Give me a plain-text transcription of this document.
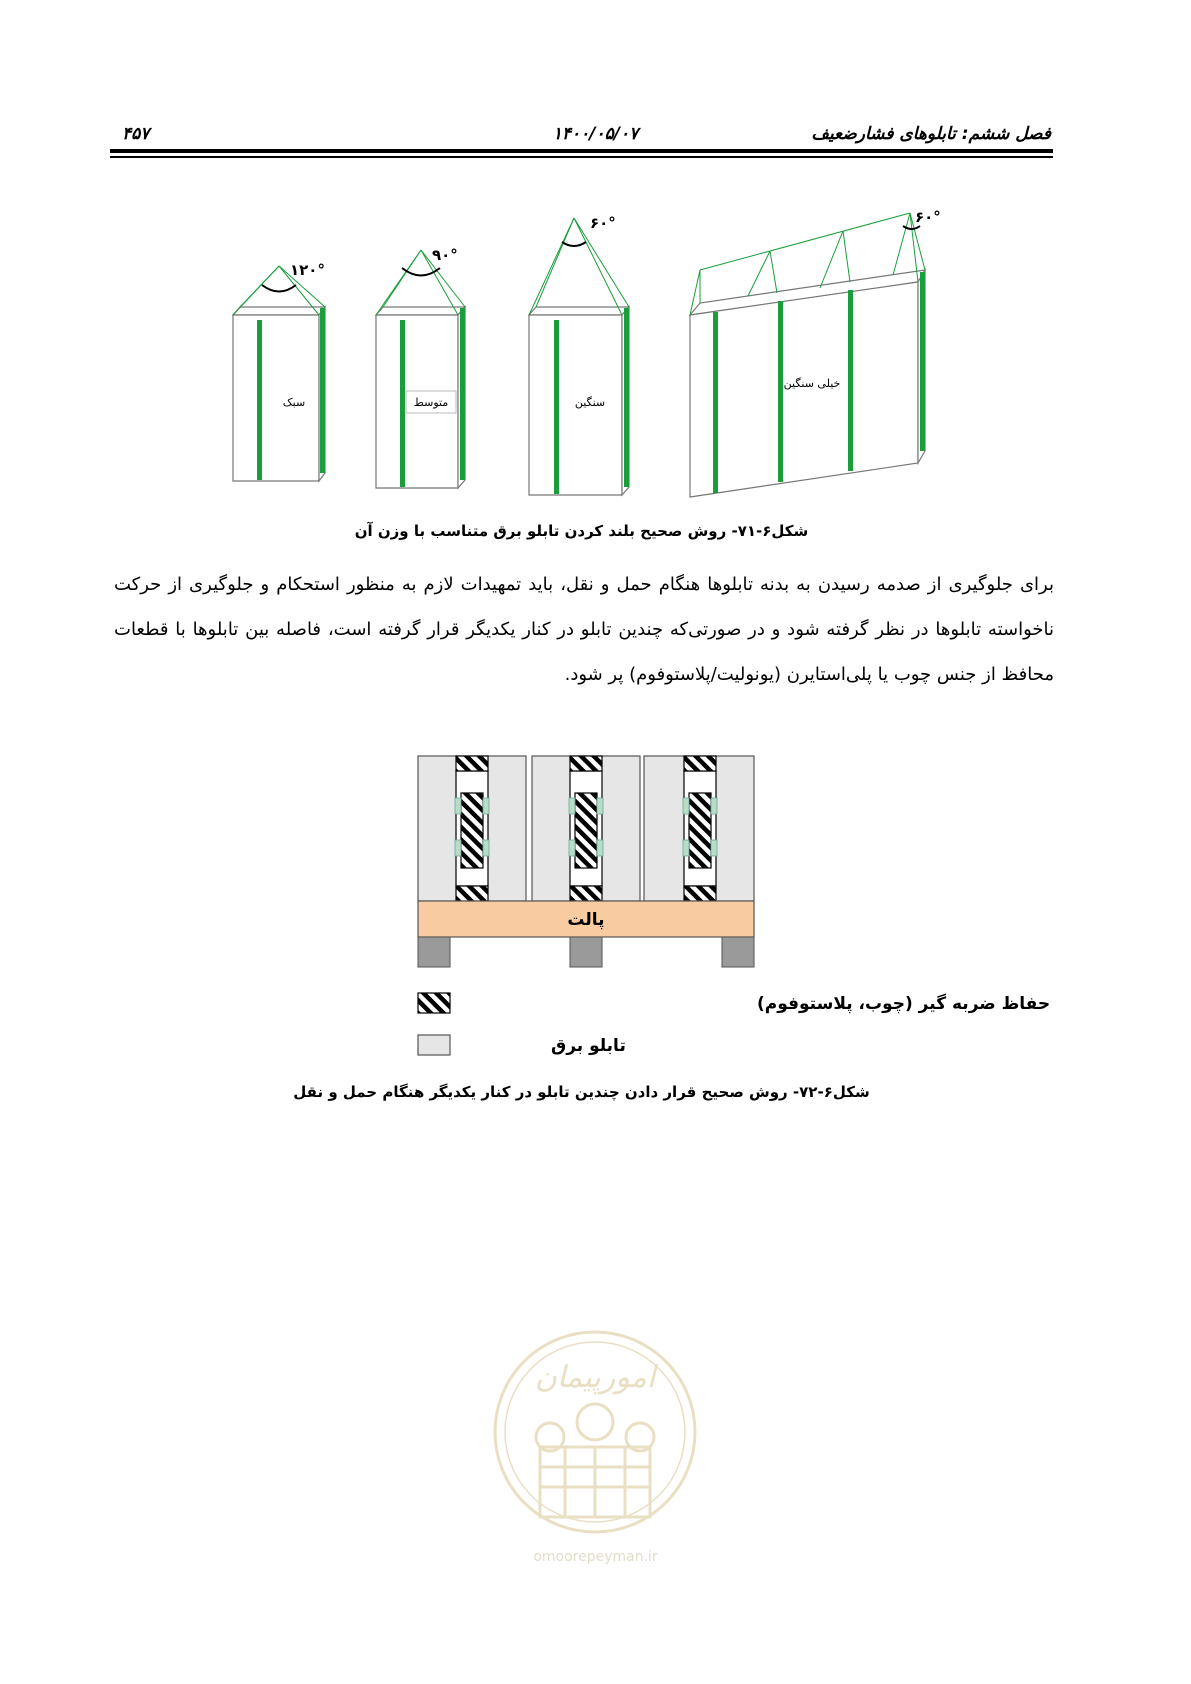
فصل ششم: تابلوهای فشارضعیف
۱۴۰۰/۰۵/۰۷
۴۵۷
۱۲۰°
سبک
۹۰°
متوسط
۶۰°
سنگین
۶۰°
خیلی سنگین
شکل۶-۷۱- روش صحیح بلند کردن تابلو برق متناسب با وزن آن
برای جلوگیری از صدمه رسیدن به بدنه تابلوها هنگام حمل و نقل، باید تمهیدات لازم به منظور استحکام و جلوگیری از حرکت ناخواسته تابلوها در نظر گرفته شود و در صورتی‌که چندین تابلو در کنار یکدیگر قرار گرفته است، فاصله بین تابلوها با قطعات محافظ از جنس چوب یا پلی‌استایرن (یونولیت/پلاستوفوم) پر شود.
پالت
حفاظ ضربه گیر (چوب، پلاستوفوم)
تابلو برق
شکل۶-۷۲- روش صحیح قرار دادن چندین تابلو در کنار یکدیگر هنگام حمل و نقل
امورپیمان
omoorepeyman.ir
